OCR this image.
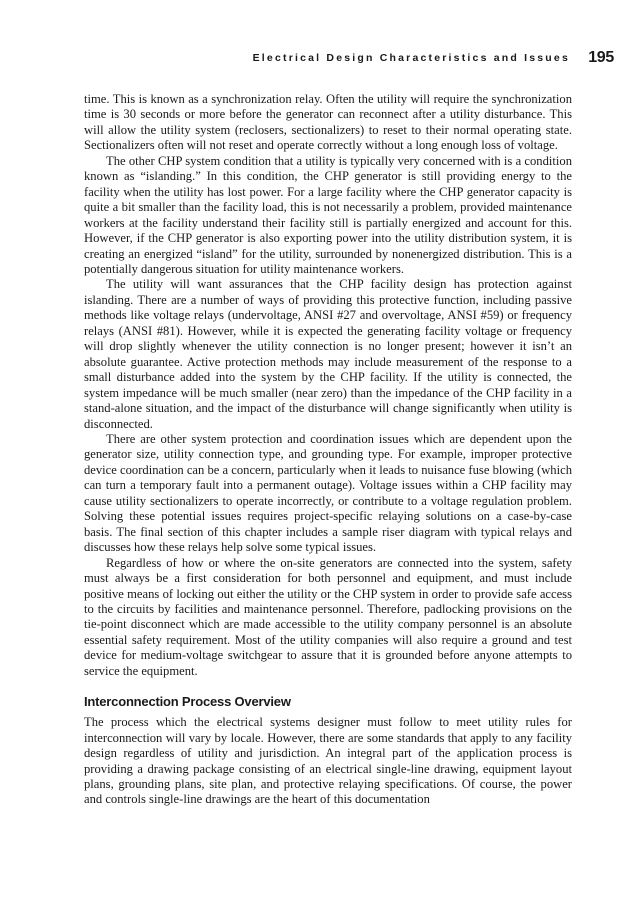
Electrical Design Characteristics and Issues 195

time. This is known as a synchronization relay. Often the utility will require the synchronization time is 30 seconds or more before the generator can reconnect after a utility disturbance. This will allow the utility system (reclosers, sectionalizers) to reset to their normal operating state. Sectionalizers often will not reset and operate correctly without a long enough loss of voltage.

The other CHP system condition that a utility is typically very concerned with is a condition known as “islanding.” In this condition, the CHP generator is still providing energy to the facility when the utility has lost power. For a large facility where the CHP generator capacity is quite a bit smaller than the facility load, this is not necessarily a problem, provided maintenance workers at the facility understand their facility still is partially energized and account for this. However, if the CHP generator is also exporting power into the utility distribution system, it is creating an energized “island” for the utility, surrounded by nonenergized distribution. This is a potentially dangerous situation for utility maintenance workers.

The utility will want assurances that the CHP facility design has protection against islanding. There are a number of ways of providing this protective function, including passive methods like voltage relays (undervoltage, ANSI #27 and overvoltage, ANSI #59) or frequency relays (ANSI #81). However, while it is expected the generating facility voltage or frequency will drop slightly whenever the utility connection is no longer present; however it isn’t an absolute guarantee. Active protection methods may include measurement of the response to a small disturbance added into the system by the CHP facility. If the utility is connected, the system impedance will be much smaller (near zero) than the impedance of the CHP facility in a stand-alone situation, and the impact of the disturbance will change significantly when utility is disconnected.

There are other system protection and coordination issues which are dependent upon the generator size, utility connection type, and grounding type. For example, improper protective device coordination can be a concern, particularly when it leads to nuisance fuse blowing (which can turn a temporary fault into a permanent outage). Voltage issues within a CHP facility may cause utility sectionalizers to operate incorrectly, or contribute to a voltage regulation problem. Solving these potential issues requires project-specific relaying solutions on a case-by-case basis. The final section of this chapter includes a sample riser diagram with typical relays and discusses how these relays help solve some typical issues.

Regardless of how or where the on-site generators are connected into the system, safety must always be a first consideration for both personnel and equipment, and must include positive means of locking out either the utility or the CHP system in order to provide safe access to the circuits by facilities and maintenance personnel. Therefore, padlocking provisions on the tie-point disconnect which are made accessible to the utility company personnel is an absolute essential safety requirement. Most of the utility companies will also require a ground and test device for medium-voltage switchgear to assure that it is grounded before anyone attempts to service the equipment.

Interconnection Process Overview

The process which the electrical systems designer must follow to meet utility rules for interconnection will vary by locale. However, there are some standards that apply to any facility design regardless of utility and jurisdiction. An integral part of the application process is providing a drawing package consisting of an electrical single-line drawing, equipment layout plans, grounding plans, site plan, and protective relaying specifications. Of course, the power and controls single-line drawings are the heart of this documentation
